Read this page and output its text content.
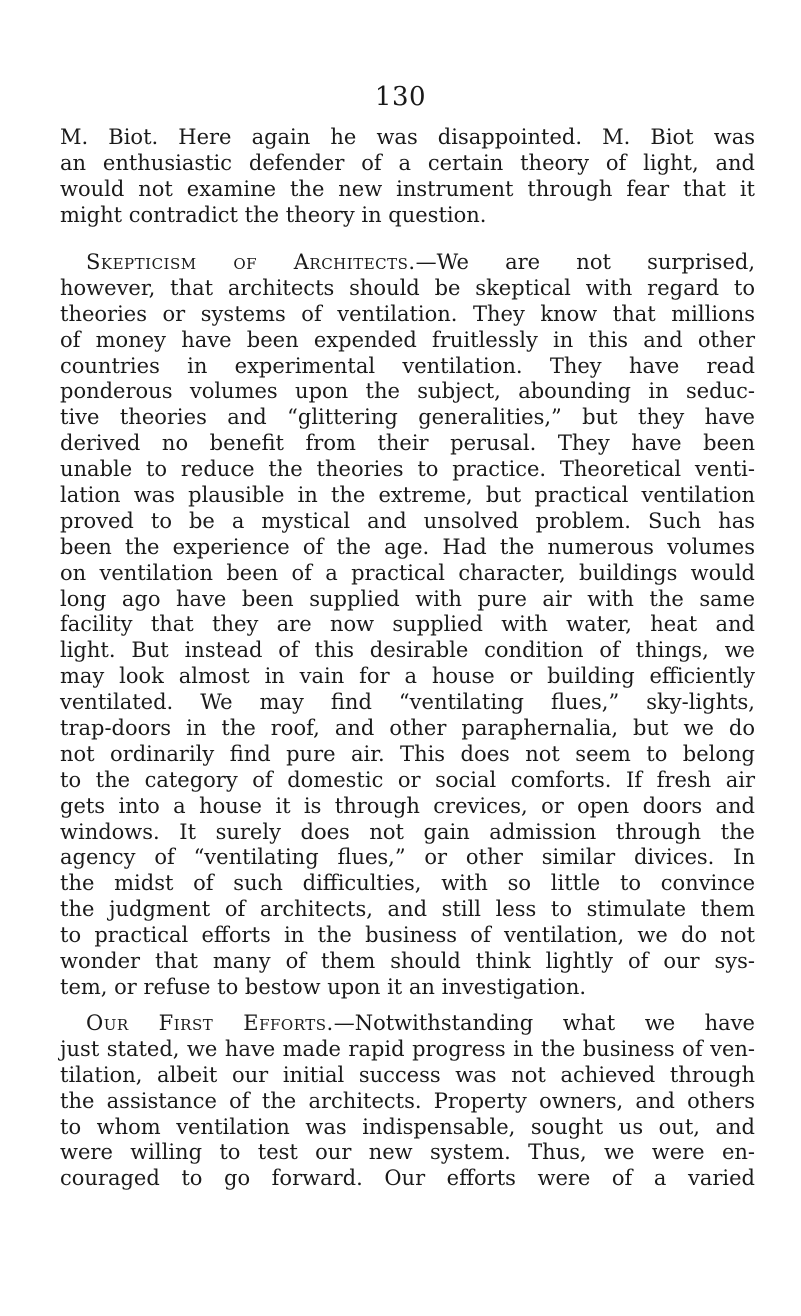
130
M. Biot. Here again he was disappointed. M. Biot was
an enthusiastic defender of a certain theory of light, and
would not examine the new instrument through fear that it
might contradict the theory in question.
Skepticism of Architects.—We are not surprised,
however, that architects should be skeptical with regard to
theories or systems of ventilation. They know that millions
of money have been expended fruitlessly in this and other
countries in experimental ventilation. They have read
ponderous volumes upon the subject, abounding in seduc-
tive theories and “glittering generalities,” but they have
derived no benefit from their perusal. They have been
unable to reduce the theories to practice. Theoretical venti-
lation was plausible in the extreme, but practical ventilation
proved to be a mystical and unsolved problem. Such has
been the experience of the age. Had the numerous volumes
on ventilation been of a practical character, buildings would
long ago have been supplied with pure air with the same
facility that they are now supplied with water, heat and
light. But instead of this desirable condition of things, we
may look almost in vain for a house or building efficiently
ventilated. We may find “ventilating flues,” sky-lights,
trap-doors in the roof, and other paraphernalia, but we do
not ordinarily find pure air. This does not seem to belong
to the category of domestic or social comforts. If fresh air
gets into a house it is through crevices, or open doors and
windows. It surely does not gain admission through the
agency of “ventilating flues,” or other similar divices. In
the midst of such difficulties, with so little to convince
the judgment of architects, and still less to stimulate them
to practical efforts in the business of ventilation, we do not
wonder that many of them should think lightly of our sys-
tem, or refuse to bestow upon it an investigation.
Our First Efforts.—Notwithstanding what we have
just stated, we have made rapid progress in the business of ven-
tilation, albeit our initial success was not achieved through
the assistance of the architects. Property owners, and others
to whom ventilation was indispensable, sought us out, and
were willing to test our new system. Thus, we were en-
couraged to go forward. Our efforts were of a varied
